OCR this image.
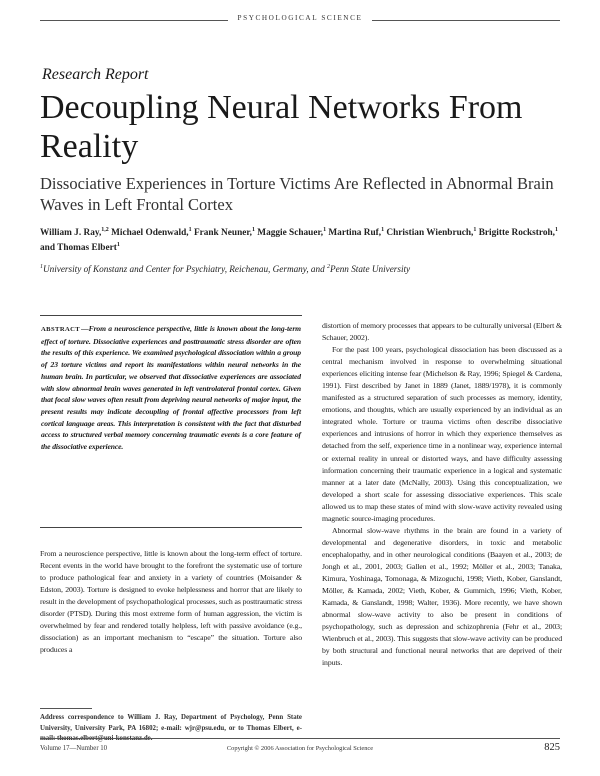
PSYCHOLOGICAL SCIENCE
Research Report
Decoupling Neural Networks From Reality
Dissociative Experiences in Torture Victims Are Reflected in Abnormal Brain Waves in Left Frontal Cortex

William J. Ray,$^{1,2}$ Michael Odenwald,$^1$ Frank Neuner,$^1$ Maggie Schauer,$^1$ Martina Ruf,$^1$ Christian Wienbruch,$^1$ Brigitte Rockstroh,$^1$ and Thomas Elbert$^1$

$^1$University of Konstanz and Center for Psychiatry, Reichenau, Germany, and $^2$Penn State University

ABSTRACT—From a neuroscience perspective, little is known about the long-term effect of torture. Dissociative experiences and posttraumatic stress disorder are often the results of this experience. We examined psychological dissociation within a group of 23 torture victims and report its manifestations within neural networks in the human brain. In particular, we observed that dissociative experiences are associated with slow abnormal brain waves generated in left ventrolateral frontal cortex. Given that focal slow waves often result from depriving neural networks of major input, the present results may indicate decoupling of frontal affective processors from left cortical language areas. This interpretation is consistent with the fact that disturbed access to structured verbal memory concerning traumatic events is a core feature of the dissociative experience.

From a neuroscience perspective, little is known about the long-term effect of torture. Recent events in the world have brought to the forefront the systematic use of torture to produce pathological fear and anxiety in a variety of countries (Moisander & Edston, 2003). Torture is designed to evoke helplessness and horror that are likely to result in the development of psychopathological processes, such as posttraumatic stress disorder (PTSD). During this most extreme form of human aggression, the victim is overwhelmed by fear and rendered totally helpless, left with passive avoidance (e.g., dissociation) as an important mechanism to “escape” the situation. Torture also produces a

Address correspondence to William J. Ray, Department of Psychology, Penn State University, University Park, PA 16802; e-mail: wjr@psu.edu, or to Thomas Elbert, e-

distortion of memory processes that appears to be culturally universal (Elbert & Schauer, 2002).

For the past 100 years, psychological dissociation has been discussed as a central mechanism involved in response to overwhelming situational experiences eliciting intense fear (Michelson & Ray, 1996; Spiegel & Cardena, 1991). First described by Janet in 1889 (Janet, 1889/1978), it is commonly manifested as a structured separation of such processes as memory, identity, emotions, and thoughts, which are usually experienced by an individual as an integrated whole. Torture or trauma victims often describe dissociative experiences and intrusions of horror in which they experience themselves as detached from the self, experience time in a nonlinear way, experience internal or external reality in unreal or distorted ways, and have difficulty assessing information concerning their traumatic experience in a logical and systematic manner at a later date (McNally, 2003). Using this conceptualization, we developed a short scale for assessing dissociative experiences. This scale allowed us to map these states of mind with slow-wave activity revealed using magnetic source-imaging procedures.

Abnormal slow-wave rhythms in the brain are found in a variety of developmental and degenerative disorders, in toxic and metabolic encephalopathy, and in other neurological conditions (Baayen et al., 2003; de Jongh et al., 2001, 2003; Gallen et al., 1992; Möller et al., 2003; Tanaka, Kimura, Yoshinaga, Tomonaga, & Mizoguchi, 1998; Vieth, Kober, Ganslandt, Möller, & Kamada, 2002; Vieth, Kober, & Gummich, 1996; Vieth, Kober, Kamada, & Ganslandt, 1998; Walter, 1936). More recently, we have shown abnormal slow-wave activity to also be present in conditions of psychopathology, such as depression and schizophrenia (Fehr et al., 2003; Wienbruch et al., 2003). This suggests that slow-wave activity can be produced by both structural and functional neural networks that are deprived of their inputs.

Volume 17—Number 10	Copyright © 2006 Association for Psychological Science	825
